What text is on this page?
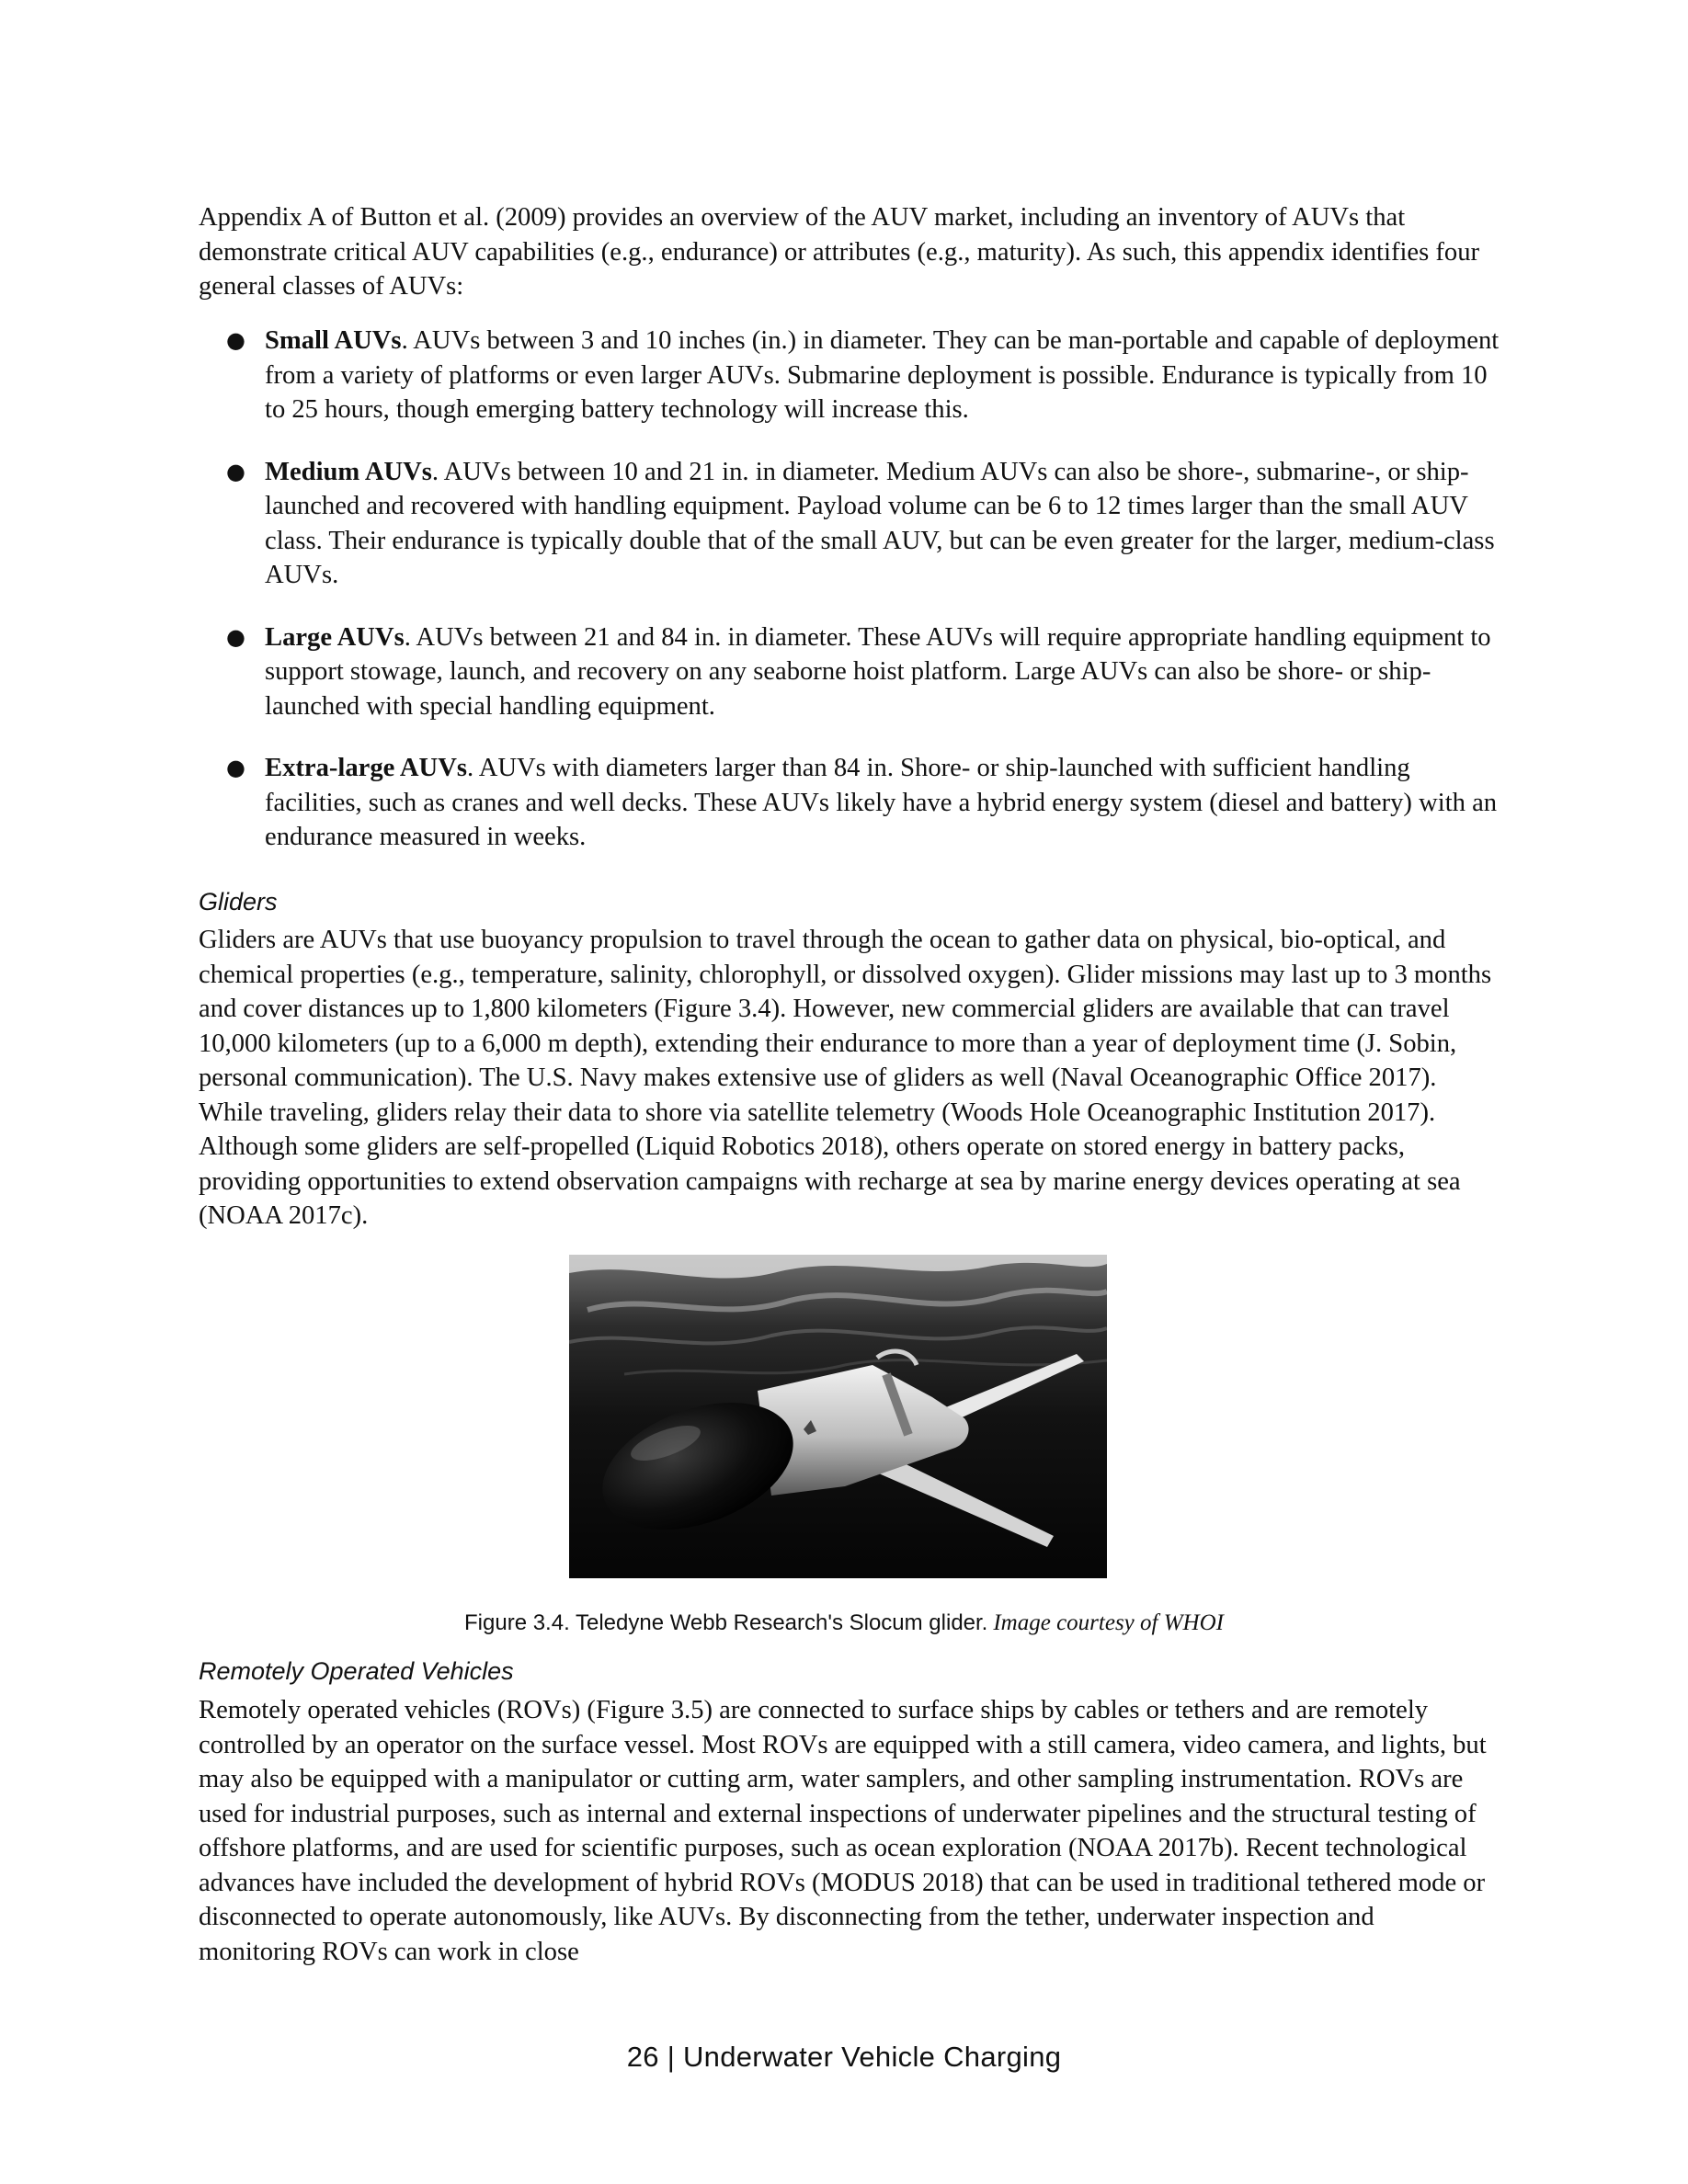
Appendix A of Button et al. (2009) provides an overview of the AUV market, including an inventory of AUVs that demonstrate critical AUV capabilities (e.g., endurance) or attributes (e.g., maturity). As such, this appendix identifies four general classes of AUVs:

● Small AUVs. AUVs between 3 and 10 inches (in.) in diameter. They can be man-portable and capable of deployment from a variety of platforms or even larger AUVs. Submarine deployment is possible. Endurance is typically from 10 to 25 hours, though emerging battery technology will increase this.
● Medium AUVs. AUVs between 10 and 21 in. in diameter. Medium AUVs can also be shore-, submarine-, or ship-launched and recovered with handling equipment. Payload volume can be 6 to 12 times larger than the small AUV class. Their endurance is typically double that of the small AUV, but can be even greater for the larger, medium-class AUVs.
● Large AUVs. AUVs between 21 and 84 in. in diameter. These AUVs will require appropriate handling equipment to support stowage, launch, and recovery on any seaborne hoist platform. Large AUVs can also be shore- or ship-launched with special handling equipment.
● Extra-large AUVs. AUVs with diameters larger than 84 in. Shore- or ship-launched with sufficient handling facilities, such as cranes and well decks. These AUVs likely have a hybrid energy system (diesel and battery) with an endurance measured in weeks.

Gliders

Gliders are AUVs that use buoyancy propulsion to travel through the ocean to gather data on physical, bio-optical, and chemical properties (e.g., temperature, salinity, chlorophyll, or dissolved oxygen). Glider missions may last up to 3 months and cover distances up to 1,800 kilometers (Figure 3.4). However, new commercial gliders are available that can travel 10,000 kilometers (up to a 6,000 m depth), extending their endurance to more than a year of deployment time (J. Sobin, personal communication). The U.S. Navy makes extensive use of gliders as well (Naval Oceanographic Office 2017). While traveling, gliders relay their data to shore via satellite telemetry (Woods Hole Oceanographic Institution 2017). Although some gliders are self-propelled (Liquid Robotics 2018), others operate on stored energy in battery packs, providing opportunities to extend observation campaigns with recharge at sea by marine energy devices operating at sea (NOAA 2017c).

Figure 3.4. Teledyne Webb Research's Slocum glider. Image courtesy of WHOI

Remotely Operated Vehicles

Remotely operated vehicles (ROVs) (Figure 3.5) are connected to surface ships by cables or tethers and are remotely controlled by an operator on the surface vessel. Most ROVs are equipped with a still camera, video camera, and lights, but may also be equipped with a manipulator or cutting arm, water samplers, and other sampling instrumentation. ROVs are used for industrial purposes, such as internal and external inspections of underwater pipelines and the structural testing of offshore platforms, and are used for scientific purposes, such as ocean exploration (NOAA 2017b). Recent technological advances have included the development of hybrid ROVs (MODUS 2018) that can be used in traditional tethered mode or disconnected to operate autonomously, like AUVs. By disconnecting from the tether, underwater inspection and monitoring ROVs can work in close

26 | Underwater Vehicle Charging
